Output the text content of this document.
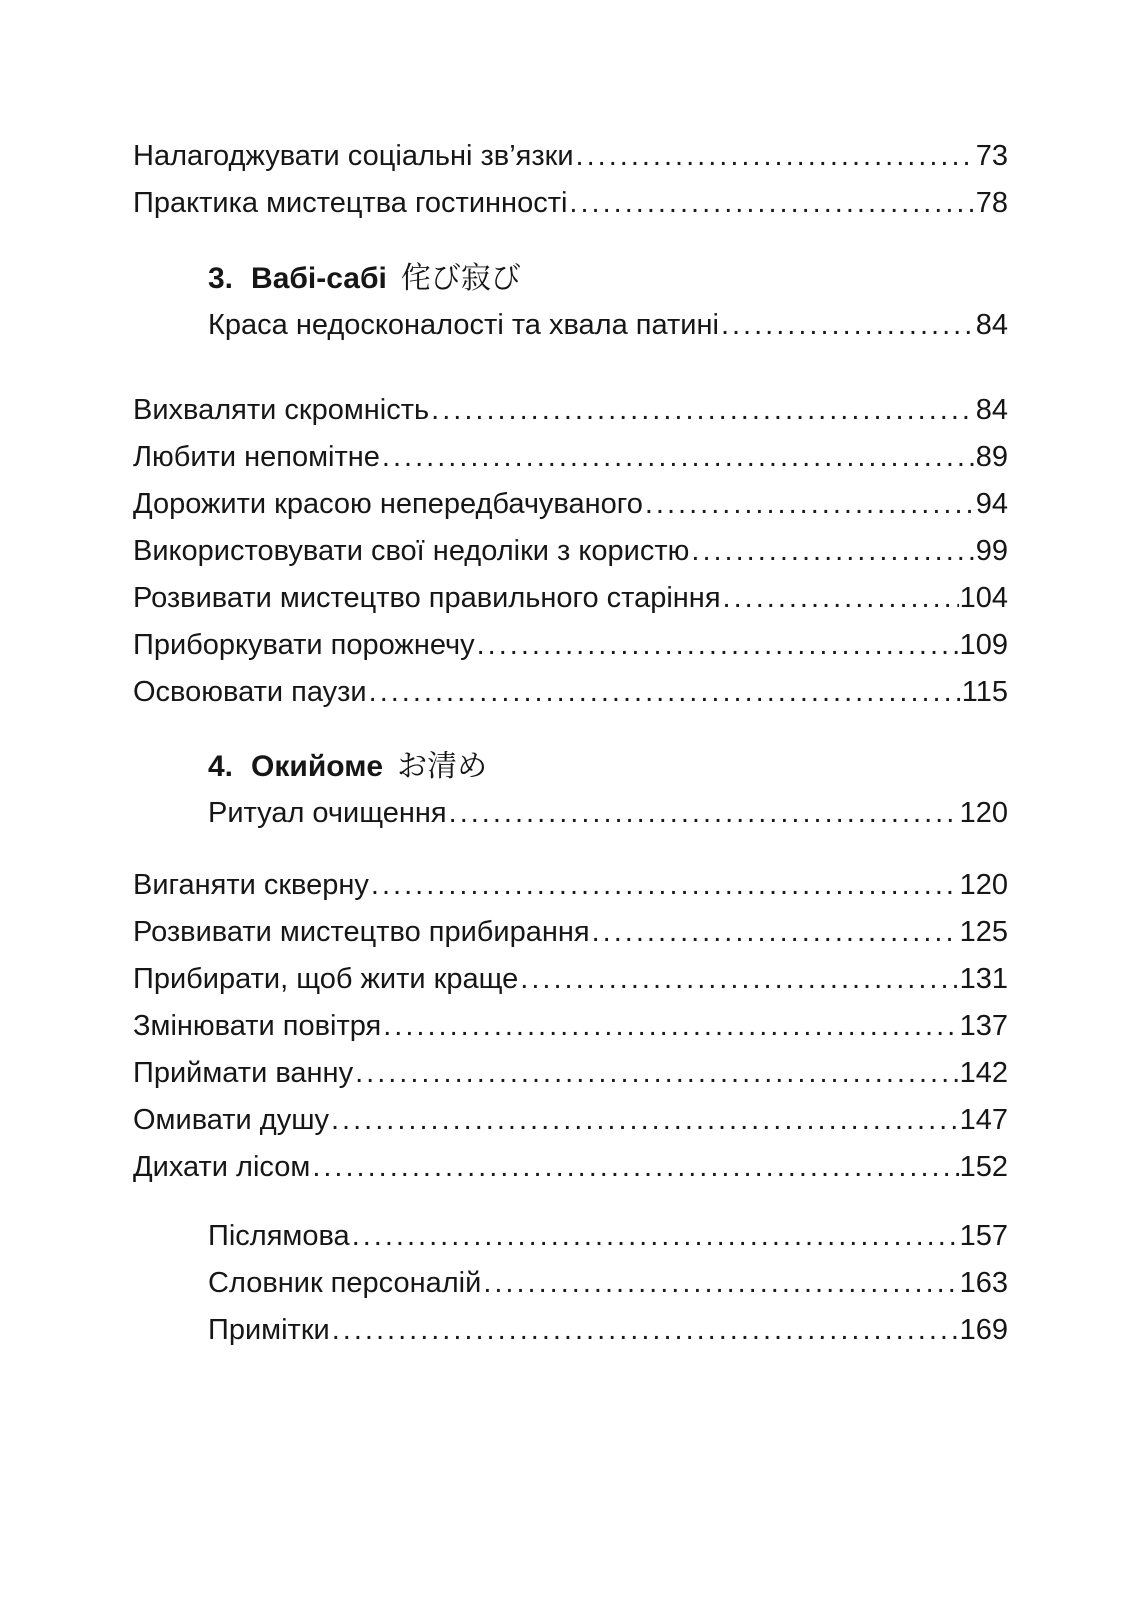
Налагоджувати соціальні зв’язки .....	73
Практика мистецтва гостинності .....	78
3. Вабі-сабі 侘び寂び
Краса недосконалості та хвала патині .....	84
Вихваляти скромність .....	84
Любити непомітне .....	89
Дорожити красою непередбачуваного .....	94
Використовувати свої недоліки з користю .....	99
Розвивати мистецтво правильного старіння .....	104
Приборкувати порожнечу .....	109
Освоювати паузи .....	115
4. Окийоме お清め
Ритуал очищення .....	120
Виганяти скверну .....	120
Розвивати мистецтво прибирання .....	125
Прибирати, щоб жити краще .....	131
Змінювати повітря .....	137
Приймати ванну .....	142
Омивати душу .....	147
Дихати лісом .....	152
Післямова .....	157
Словник персоналій .....	163
Примітки .....	169
